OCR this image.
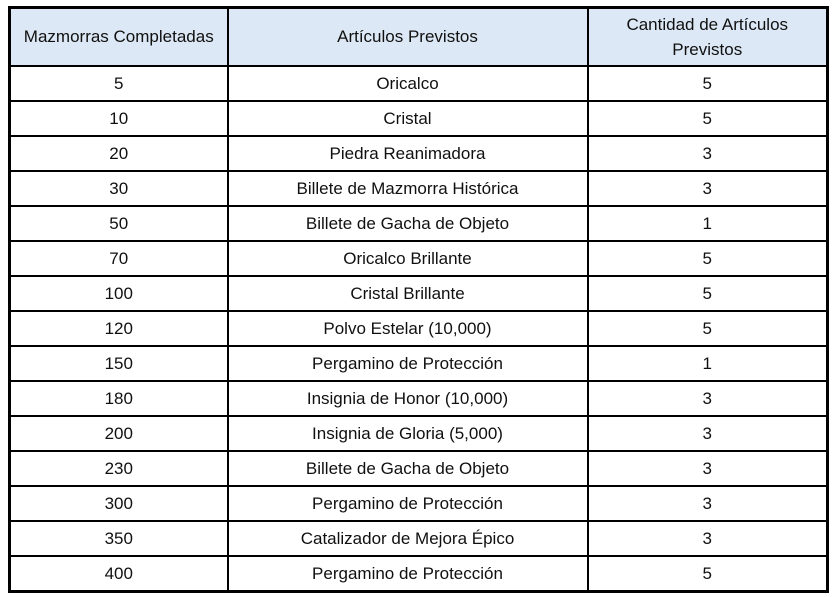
Mazmorras Completadas	Artículos Previstos	Cantidad de Artículos Previstos
5	Oricalco	5
10	Cristal	5
20	Piedra Reanimadora	3
30	Billete de Mazmorra Histórica	3
50	Billete de Gacha de Objeto	1
70	Oricalco Brillante	5
100	Cristal Brillante	5
120	Polvo Estelar (10,000)	5
150	Pergamino de Protección	1
180	Insignia de Honor (10,000)	3
200	Insignia de Gloria (5,000)	3
230	Billete de Gacha de Objeto	3
300	Pergamino de Protección	3
350	Catalizador de Mejora Épico	3
400	Pergamino de Protección	5
